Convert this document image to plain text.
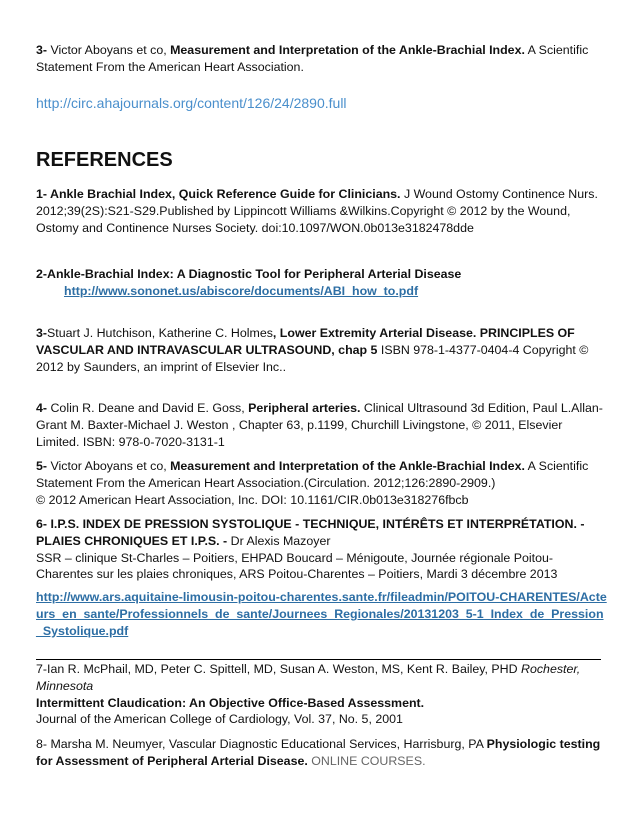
3- Victor Aboyans et co, Measurement and Interpretation of the Ankle-Brachial Index. A Scientific Statement From the American Heart Association.
http://circ.ahajournals.org/content/126/24/2890.full
REFERENCES
1- Ankle Brachial Index, Quick Reference Guide for Clinicians. J Wound Ostomy Continence Nurs. 2012;39(2S):S21-S29.Published by Lippincott Williams &Wilkins.Copyright © 2012 by the Wound, Ostomy and Continence Nurses Society. doi:10.1097/WON.0b013e3182478dde
2-Ankle-Brachial Index: A Diagnostic Tool for Peripheral Arterial Disease
http://www.sononet.us/abiscore/documents/ABI_how_to.pdf
3-Stuart J. Hutchison, Katherine C. Holmes, Lower Extremity Arterial Disease. PRINCIPLES OF VASCULAR AND INTRAVASCULAR ULTRASOUND, chap 5 ISBN 978-1-4377-0404-4 Copyright © 2012 by Saunders, an imprint of Elsevier Inc..
4- Colin R. Deane and David E. Goss, Peripheral arteries. Clinical Ultrasound 3d Edition, Paul L.Allan-Grant M. Baxter-Michael J. Weston , Chapter 63, p.1199, Churchill Livingstone, © 2011, Elsevier Limited. ISBN: 978-0-7020-3131-1
5- Victor Aboyans et co, Measurement and Interpretation of the Ankle-Brachial Index. A Scientific Statement From the American Heart Association.(Circulation. 2012;126:2890-2909.)
© 2012 American Heart Association, Inc. DOI: 10.1161/CIR.0b013e318276fbcb
6- I.P.S. INDEX DE PRESSION SYSTOLIQUE - TECHNIQUE, INTÉRÊTS ET INTERPRÉTATION. - PLAIES CHRONIQUES ET I.P.S. - Dr Alexis Mazoyer
SSR – clinique St-Charles – Poitiers, EHPAD Boucard – Ménigoute, Journée régionale Poitou-Charentes sur les plaies chroniques, ARS Poitou-Charentes – Poitiers, Mardi 3 décembre 2013
http://www.ars.aquitaine-limousin-poitou-charentes.sante.fr/fileadmin/POITOU-CHARENTES/Acteurs_en_sante/Professionnels_de_sante/Journees_Regionales/20131203_5-1_Index_de_Pression_Systolique.pdf
7-Ian R. McPhail, MD, Peter C. Spittell, MD, Susan A. Weston, MS, Kent R. Bailey, PHD Rochester, Minnesota
Intermittent Claudication: An Objective Office-Based Assessment.
Journal of the American College of Cardiology, Vol. 37, No. 5, 2001
8- Marsha M. Neumyer, Vascular Diagnostic Educational Services, Harrisburg, PA Physiologic testing for Assessment of Peripheral Arterial Disease. ONLINE COURSES.
